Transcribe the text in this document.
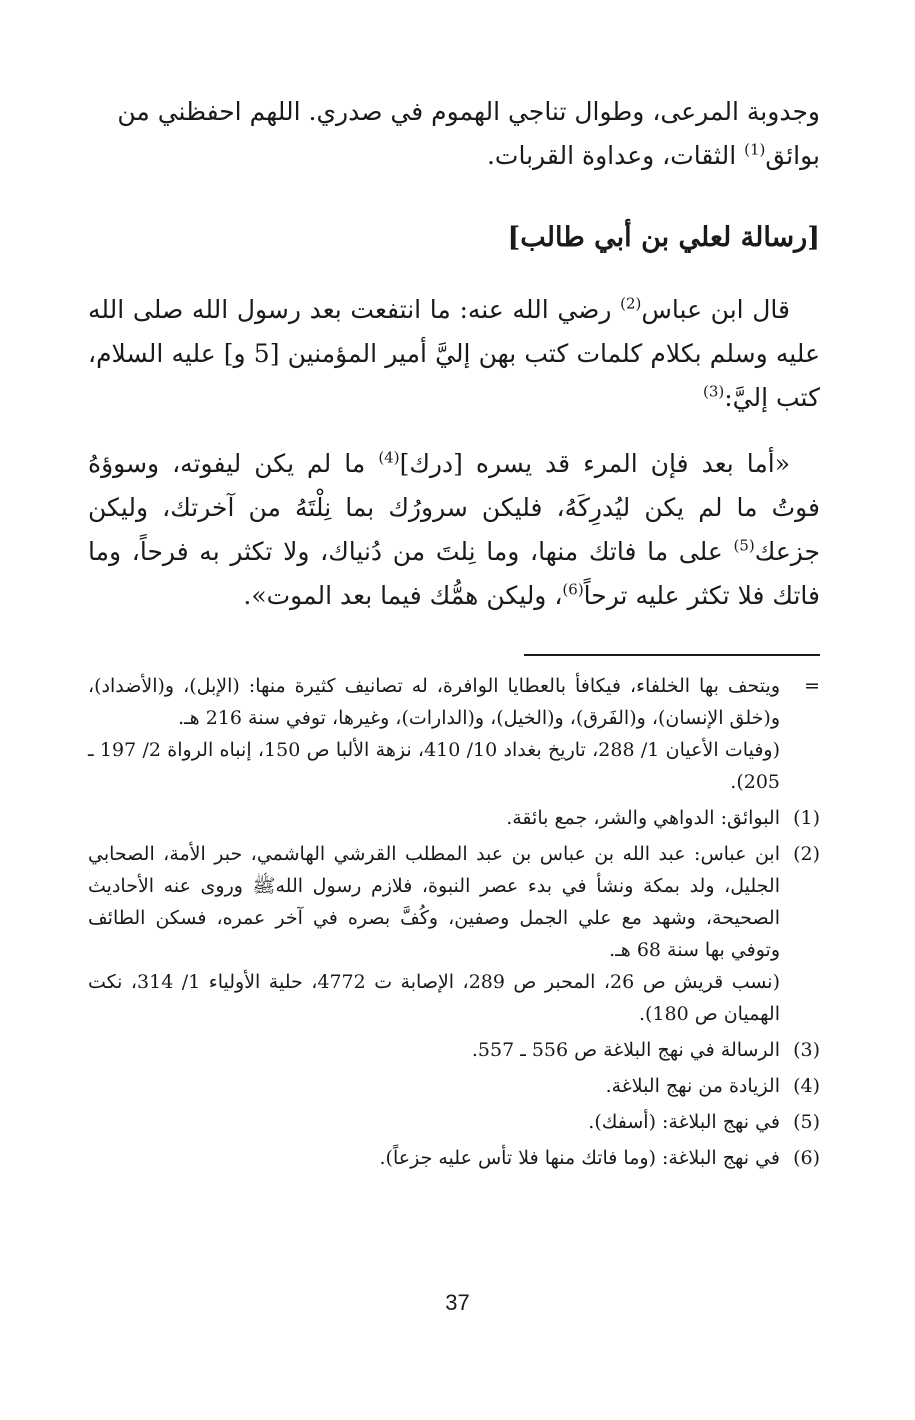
وجدوبة المرعى، وطوال تناجي الهموم في صدري. اللهم احفظني من
بوائق$^{(1)}$ الثقات، وعداوة القربات.

[رسالة لعلي بن أبي طالب]

قال ابن عباس$^{(2)}$ رضي الله عنه: ما انتفعت بعد رسول الله صلى الله عليه وسلم بكلام كلمات كتب بهن إليَّ أمير المؤمنين [5 و] عليه السلام، كتب إليَّ:$^{(3)}$

«أما بعد فإن المرء قد يسره [درك]$^{(4)}$ ما لم يكن ليفوته، وسوؤهُ فوتُ ما لم يكن ليُدرِكَهُ، فليكن سرورُك بما نِلْتَهُ من آخرتك، وليكن جزعك$^{(5)}$ على ما فاتك منها، وما نِلتَ من دُنياك، ولا تكثر به فرحاً، وما فاتك فلا تكثر عليه ترحاً$^{(6)}$، وليكن همُّك فيما بعد الموت».

=

ويتحف بها الخلفاء، فيكافأ بالعطايا الوافرة، له تصانيف كثيرة منها: (الإبل)، و(الأضداد)، و(خلق الإنسان)، و(الفَرق)، و(الخيل)، و(الدارات)، وغيرها، توفي سنة 216 هـ.

(وفيات الأعيان 1/ 288، تاريخ بغداد 10/ 410، نزهة الألبا ص 150، إنباه الرواة 2/ 197 ـ 205).

(1)

البوائق: الدواهي والشر، جمع بائقة.

(2)

ابن عباس: عبد الله بن عباس بن عبد المطلب القرشي الهاشمي، حبر الأمة، الصحابي الجليل، ولد بمكة ونشأ في بدء عصر النبوة، فلازم رسول اللهﷺ وروى عنه الأحاديث الصحيحة، وشهد مع علي الجمل وصفين، وكُفَّ بصره في آخر عمره، فسكن الطائف وتوفي بها سنة 68 هـ.

(نسب قريش ص 26، المحبر ص 289، الإصابة ت 4772، حلية الأولياء 1/ 314، نكت الهميان ص 180).

(3)

الرسالة في نهج البلاغة ص 556 ـ 557.

(4)

الزيادة من نهج البلاغة.

(5)

في نهج البلاغة: (أسفك).

(6)

في نهج البلاغة: (وما فاتك منها فلا تأس عليه جزعاً).

37
